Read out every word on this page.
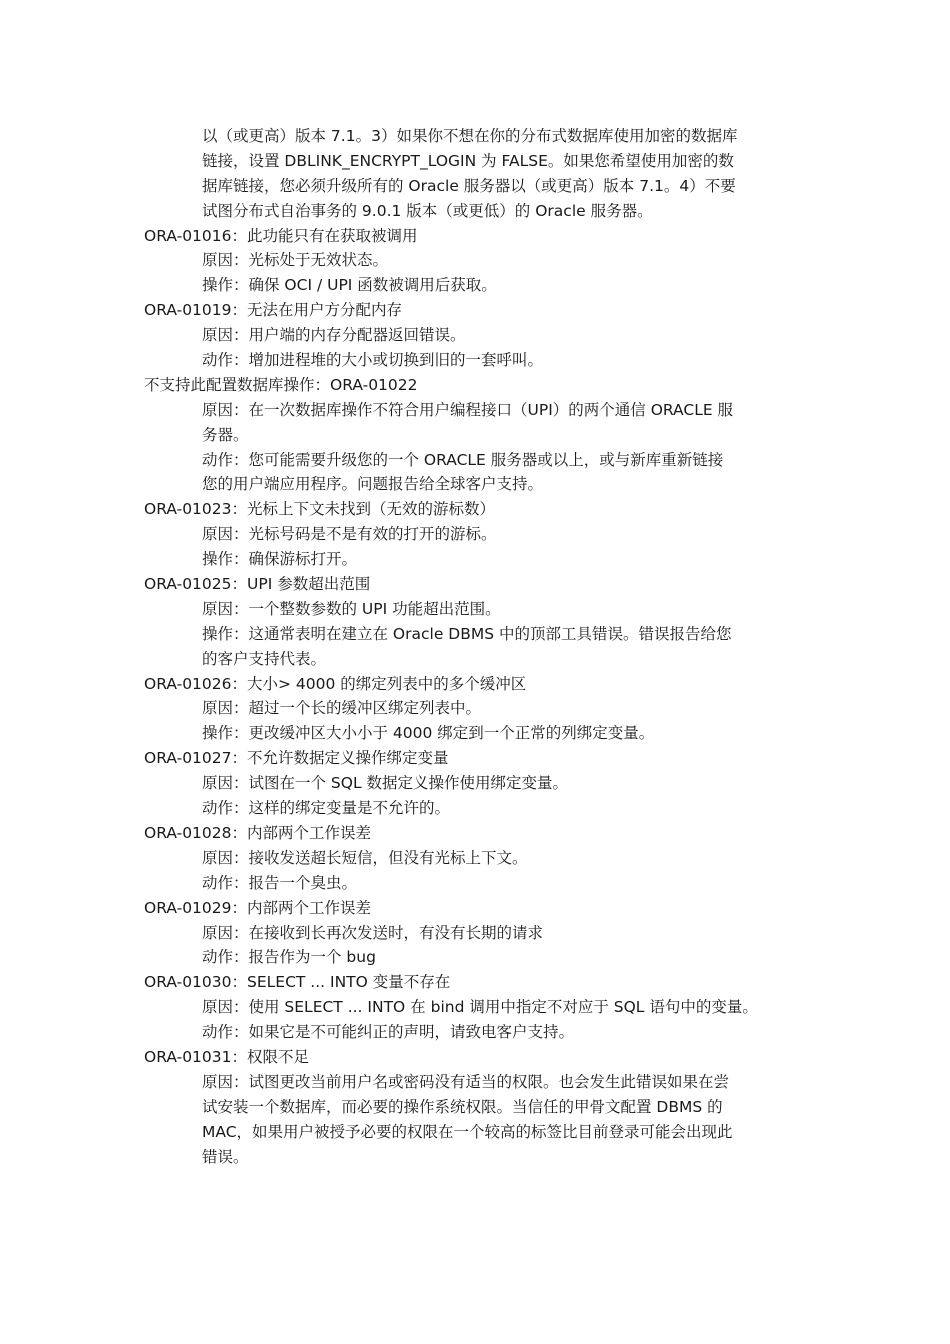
以（或更高）版本 7.1。3）如果你不想在你的分布式数据库使用加密的数据库
链接，设置 DBLINK_ENCRYPT_LOGIN 为 FALSE。如果您希望使用加密的数
据库链接，您必须升级所有的 Oracle 服务器以（或更高）版本 7.1。4）不要
试图分布式自治事务的 9.0.1 版本（或更低）的 Oracle 服务器。
ORA-01016：此功能只有在获取被调用
原因：光标处于无效状态。
操作：确保 OCI / UPI 函数被调用后获取。
ORA-01019：无法在用户方分配内存
原因：用户端的内存分配器返回错误。
动作：增加进程堆的大小或切换到旧的一套呼叫。
不支持此配置数据库操作：ORA-01022
原因：在一次数据库操作不符合用户编程接口（UPI）的两个通信 ORACLE 服
务器。
动作：您可能需要升级您的一个 ORACLE 服务器或以上，或与新库重新链接
您的用户端应用程序。问题报告给全球客户支持。
ORA-01023：光标上下文未找到（无效的游标数）
原因：光标号码是不是有效的打开的游标。
操作：确保游标打开。
ORA-01025：UPI 参数超出范围
原因：一个整数参数的 UPI 功能超出范围。
操作：这通常表明在建立在 Oracle DBMS 中的顶部工具错误。错误报告给您
的客户支持代表。
ORA-01026：大小> 4000 的绑定列表中的多个缓冲区
原因：超过一个长的缓冲区绑定列表中。
操作：更改缓冲区大小小于 4000 绑定到一个正常的列绑定变量。
ORA-01027：不允许数据定义操作绑定变量
原因：试图在一个 SQL 数据定义操作使用绑定变量。
动作：这样的绑定变量是不允许的。
ORA-01028：内部两个工作误差
原因：接收发送超长短信，但没有光标上下文。
动作：报告一个臭虫。
ORA-01029：内部两个工作误差
原因：在接收到长再次发送时，有没有长期的请求
动作：报告作为一个 bug
ORA-01030：SELECT ... INTO 变量不存在
原因：使用 SELECT ... INTO 在 bind 调用中指定不对应于 SQL 语句中的变量。
动作：如果它是不可能纠正的声明，请致电客户支持。
ORA-01031：权限不足
原因：试图更改当前用户名或密码没有适当的权限。也会发生此错误如果在尝
试安装一个数据库，而必要的操作系统权限。当信任的甲骨文配置 DBMS 的
MAC，如果用户被授予必要的权限在一个较高的标签比目前登录可能会出现此
错误。
